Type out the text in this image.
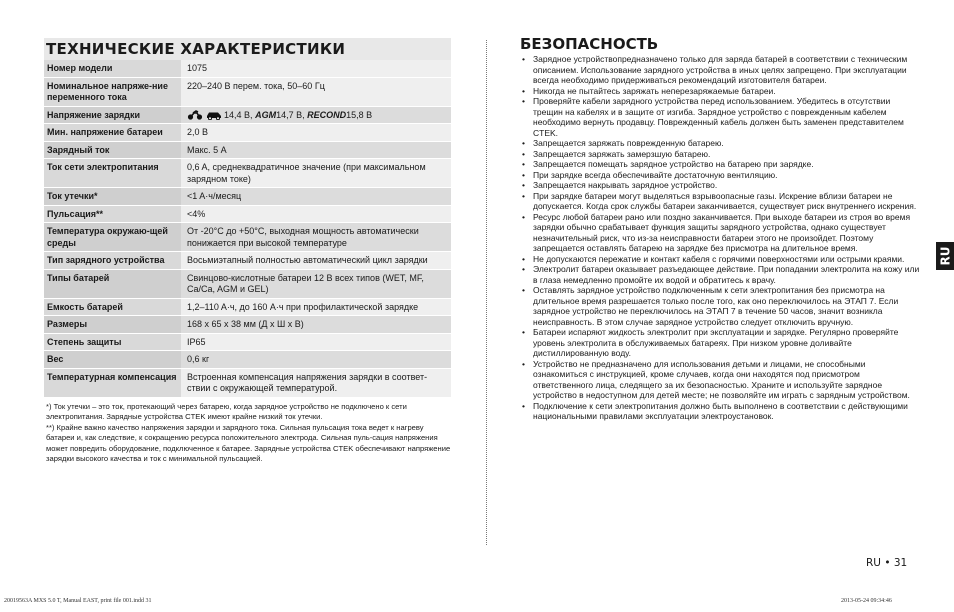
ТЕХНИЧЕСКИЕ ХАРАКТЕРИСТИКИ
Номер модели	1075
Номинальное напряже-ние переменного тока	220–240 В перем. тока, 50–60 Гц
Напряжение зарядки	14,4 В, AGM14,7 В, RECOND15,8 В
Мин. напряжение батареи	2,0 В
Зарядный ток	Макс. 5 A
Ток сети электропитания	0,6 A, среднеквадратичное значение (при максимальном зарядном токе)
Ток утечки*	<1 A·ч/месяц
Пульсация**	<4%
Температура окружаю-щей среды	От -20°C до +50°C, выходная мощность автоматически понижается при высокой температуре
Тип зарядного устройства	Восьмиэтапный полностью автоматический цикл зарядки
Типы батарей	Свинцово-кислотные батареи 12 В всех типов (WET, MF, Ca/Ca, AGM и GEL)
Емкость батарей	1,2–110 A·ч, до 160 A·ч при профилактической зарядке
Размеры	168 x 65 x 38 мм (Д x Ш x В)
Степень защиты	IP65
Вес	0,6 кг
Температурная компенсация	Встроенная компенсация напряжения зарядки в соответ-ствии с окружающей температурой.

*) Ток утечки – это ток, протекающий через батарею, когда зарядное устройство не подключено к сети электропитания. Зарядные устройства CTEK имеют крайне низкий ток утечки.

**) Крайне важно качество напряжения зарядки и зарядного тока. Сильная пульсация тока ведет к нагреву батареи и, как следствие, к сокращению ресурса положительного электрода. Сильная пуль-сация напряжения может повредить оборудование, подключенное к батарее. Зарядные устройства CTEK обеспечивают напряжение зарядки высокого качества и ток с минимальной пульсацией.

БЕЗОПАСНОСТЬ
• Зарядное устройствопредназначено только для заряда батарей в соответствии с техническим описанием. Использование зарядного устройства в иных целях запрещено. При эксплуатации всегда необходимо придерживаться рекомендаций изготовителя батареи.
• Никогда не пытайтесь заряжать неперезаряжаемые батареи.
• Проверяйте кабели зарядного устройства перед использованием. Убедитесь в отсутствии трещин на кабелях и в защите от изгиба. Зарядное устройство с поврежденным кабелем необходимо вернуть продавцу. Поврежденный кабель должен быть заменен представителем CTEK.
• Запрещается заряжать поврежденную батарею.
• Запрещается заряжать замерзшую батарею.
• Запрещается помещать зарядное устройство на батарею при зарядке.
• При зарядке всегда обеспечивайте достаточную вентиляцию.
• Запрещается накрывать зарядное устройство.
• При зарядке батареи могут выделяться взрывоопасные газы. Искрение вблизи батареи не допускается. Когда срок службы батареи заканчивается, существует риск внутреннего искрения.
• Ресурс любой батареи рано или поздно заканчивается. При выходе батареи из строя во время зарядки обычно срабатывает функция защиты зарядного устройства, однако существует незначительный риск, что из-за неисправности батареи этого не произойдет. Поэтому запрещается оставлять батарею на зарядке без присмотра на длительное время.
• Не допускаются пережатие и контакт кабеля с горячими поверхностями или острыми краями.
• Электролит батареи оказывает разъедающее действие. При попадании электролита на кожу или в глаза немедленно промойте их водой и обратитесь к врачу.
• Оставлять зарядное устройство подключенным к сети электропитания без присмотра на длительное время разрешается только после того, как оно переключилось на ЭТАП 7. Если зарядное устройство не переключилось на ЭТАП 7 в течение 50 часов, значит возникла неисправность. В этом случае зарядное устройство следует отключить вручную.
• Батареи испаряют жидкость электролит при эксплуатации и зарядке. Регулярно проверяйте уровень электролита в обслуживаемых батареях. При низком уровне доливайте дистиллированную воду.
• Устройство не предназначено для использования детьми и лицами, не способными ознакомиться с инструкцией, кроме случаев, когда они находятся под присмотром ответственного лица, следящего за их безопасностью. Храните и используйте зарядное устройство в недоступном для детей месте; не позволяйте им играть с зарядным устройством.
• Подключение к сети электропитания должно быть выполнено в соответствии с действующими национальными правилами эксплуатации электроустановок.
RU
RU • 31
20019563A MXS 5.0 T, Manual EAST, print file 001.indd 31	2013-05-24 09:34:46
